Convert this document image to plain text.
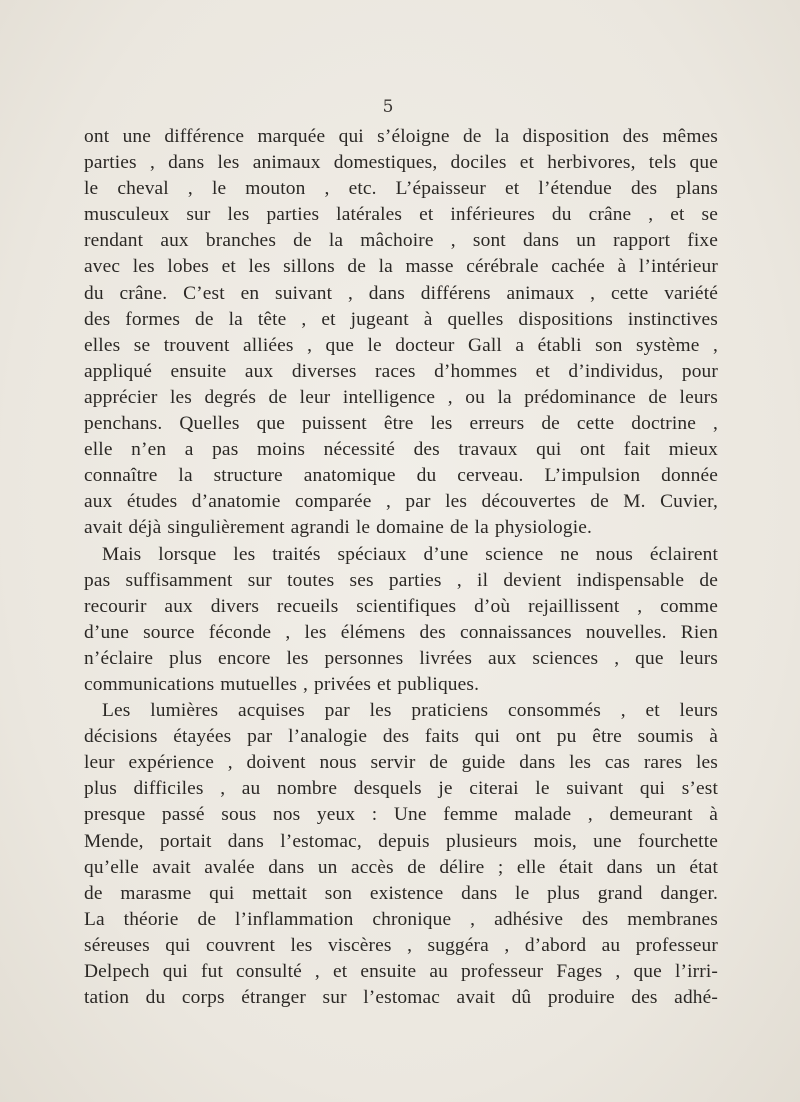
5
ont une différence marquée qui s’éloigne de la disposition des mêmes
parties , dans les animaux domestiques, dociles et herbivores, tels que
le cheval , le mouton , etc. L’épaisseur et l’étendue des plans
musculeux sur les parties latérales et inférieures du crâne , et se
rendant aux branches de la mâchoire , sont dans un rapport fixe
avec les lobes et les sillons de la masse cérébrale cachée à l’intérieur
du crâne. C’est en suivant , dans différens animaux , cette variété
des formes de la tête , et jugeant à quelles dispositions instinctives
elles se trouvent alliées , que le docteur Gall a établi son système ,
appliqué ensuite aux diverses races d’hommes et d’individus, pour
apprécier les degrés de leur intelligence , ou la prédominance de leurs
penchans. Quelles que puissent être les erreurs de cette doctrine ,
elle n’en a pas moins nécessité des travaux qui ont fait mieux
connaître la structure anatomique du cerveau. L’impulsion donnée
aux études d’anatomie comparée , par les découvertes de M. Cuvier,
avait déjà singulièrement agrandi le domaine de la physiologie.
Mais lorsque les traités spéciaux d’une science ne nous éclairent
pas suffisamment sur toutes ses parties , il devient indispensable de
recourir aux divers recueils scientifiques d’où rejaillissent , comme
d’une source féconde , les élémens des connaissances nouvelles. Rien
n’éclaire plus encore les personnes livrées aux sciences , que leurs
communications mutuelles , privées et publiques.
Les lumières acquises par les praticiens consommés , et leurs
décisions étayées par l’analogie des faits qui ont pu être soumis à
leur expérience , doivent nous servir de guide dans les cas rares les
plus difficiles , au nombre desquels je citerai le suivant qui s’est
presque passé sous nos yeux : Une femme malade , demeurant à
Mende, portait dans l’estomac, depuis plusieurs mois, une fourchette
qu’elle avait avalée dans un accès de délire ; elle était dans un état
de marasme qui mettait son existence dans le plus grand danger.
La théorie de l’inflammation chronique , adhésive des membranes
séreuses qui couvrent les viscères , suggéra , d’abord au professeur
Delpech qui fut consulté , et ensuite au professeur Fages , que l’irri-
tation du corps étranger sur l’estomac avait dû produire des adhé-
